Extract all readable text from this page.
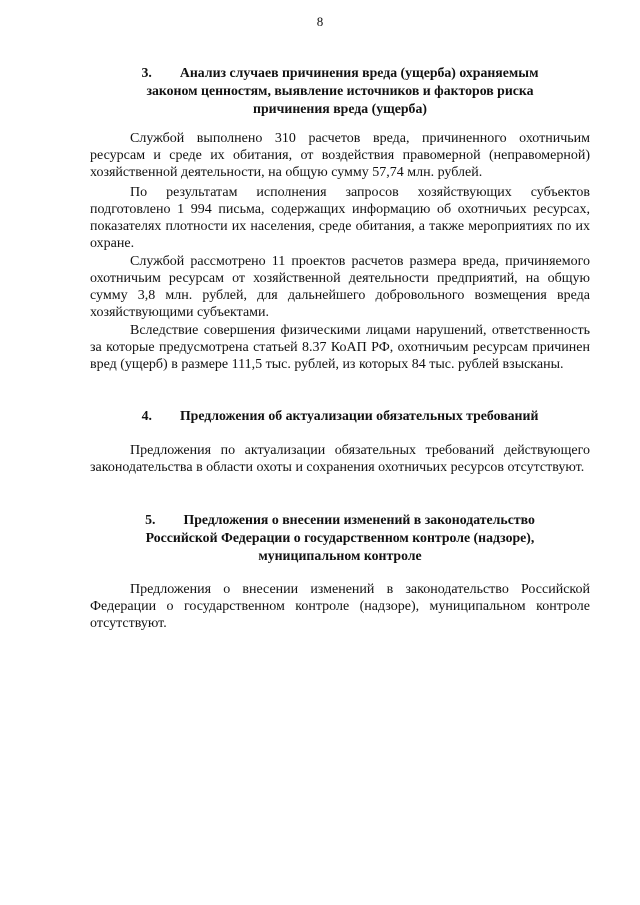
8
3. Анализ случаев причинения вреда (ущерба) охраняемым
законом ценностям, выявление источников и факторов риска
причинения вреда (ущерба)
Службой выполнено 310 расчетов вреда, причиненного охотничьим ресурсам и среде их обитания, от воздействия правомерной (неправомерной) хозяйственной деятельности, на общую сумму 57,74 млн. рублей.
По результатам исполнения запросов хозяйствующих субъектов подготовлено 1 994 письма, содержащих информацию об охотничьих ресурсах, показателях плотности их населения, среде обитания, а также мероприятиях по их охране.
Службой рассмотрено 11 проектов расчетов размера вреда, причиняемого охотничьим ресурсам от хозяйственной деятельности предприятий, на общую сумму 3,8 млн. рублей, для дальнейшего добровольного возмещения вреда хозяйствующими субъектами.
Вследствие совершения физическими лицами нарушений, ответственность за которые предусмотрена статьей 8.37 КоАП РФ, охотничьим ресурсам причинен вред (ущерб) в размере 111,5 тыс. рублей, из которых 84 тыс. рублей взысканы.
4. Предложения об актуализации обязательных требований
Предложения по актуализации обязательных требований действующего законодательства в области охоты и сохранения охотничьих ресурсов отсутствуют.
5. Предложения о внесении изменений в законодательство
Российской Федерации о государственном контроле (надзоре),
муниципальном контроле
Предложения о внесении изменений в законодательство Российской Федерации о государственном контроле (надзоре), муниципальном контроле отсутствуют.
